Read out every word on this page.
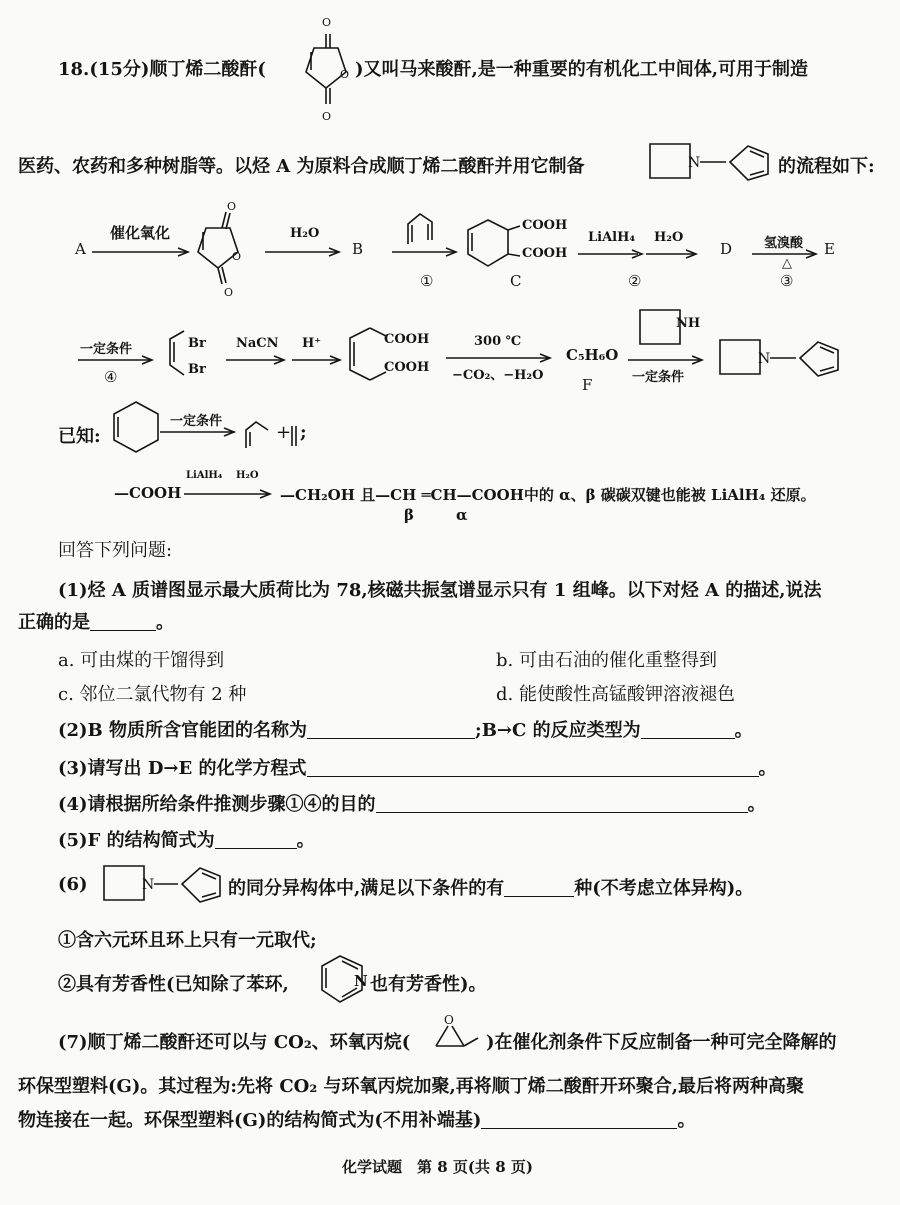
18.(15分)顺丁烯二酸酐(
O
O
O )又叫马来酸酐,是一种重要的有机化工中间体,可用于制造
医药、农药和多种树脂等。以烃 A 为原料合成顺丁烯二酸酐并用它制备	N	的流程如下:
A
催化氧化
O
O
O
H₂O
B
①
COOH
COOH
C
LiAlH₄ H₂O
②
D 氢溴酸
△
③
E
一定条件
④
Br
Br
NaCN H⁺	COOH
COOH
300 ℃
−CO₂、−H₂O
C₅H₆O
F
NH
一定条件
N
已知:
一定条件
+ ;
—COOH
LiAlH₄ H₂O
—CH₂OH 且—CH ═CH—COOH中的 α、β 碳碳双键也能被 LiAlH₄ 还原。
β	α
回答下列问题:
(1)烃 A 质谱图显示最大质荷比为 78,核磁共振氢谱显示只有 1 组峰。以下对烃 A 的描述,说法
正确的是	。
a. 可由煤的干馏得到	b. 可由石油的催化重整得到
c. 邻位二氯代物有 2 种	d. 能使酸性高锰酸钾溶液褪色
(2)B 物质所含官能团的名称为	;B→C 的反应类型为	。
(3)请写出 D→E 的化学方程式	。
(4)请根据所给条件推测步骤①④的目的	。
(5)F 的结构简式为	。
(6)	N	的同分异构体中,满足以下条件的有	种(不考虑立体异构)。
①含六元环且环上只有一元取代;
②具有芳香性(已知除了苯环,	N 也有芳香性)。
(7)顺丁烯二酸酐还可以与 CO₂、环氧丙烷(
O
)在催化剂条件下反应制备一种可完全降解的
环保型塑料(G)。其过程为:先将 CO₂ 与环氧丙烷加聚,再将顺丁烯二酸酐开环聚合,最后将两种高聚
物连接在一起。环保型塑料(G)的结构简式为(不用补端基)	。
化学试题　第 8 页(共 8 页)
